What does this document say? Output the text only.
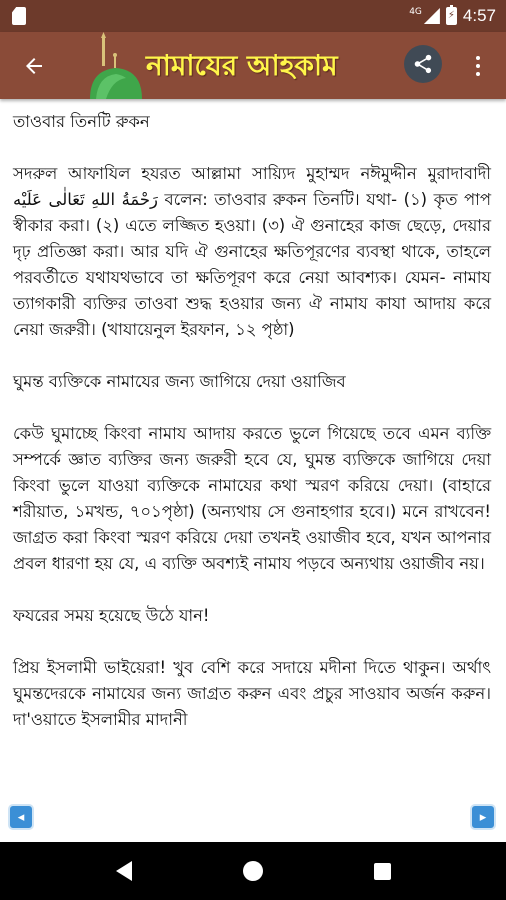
4G	⚡ 4:57
নামাযের আহকাম

তাওবার তিনটি রুকন

সদরুল আফাযিল হযরত আল্লামা সায়্যিদ মুহাম্মদ নঈমুদ্দীন মুরাদাবাদী رَحْمَةُ اللهِ تَعَالٰی عَلَيْه বলেন: তাওবার রুকন তিনটি। যথা- (১) কৃত পাপ স্বীকার করা। (২) এতে লজ্জিত হওয়া। (৩) ঐ গুনাহের কাজ ছেড়ে, দেয়ার দৃঢ় প্রতিজ্ঞা করা। আর যদি ঐ গুনাহের ক্ষতিপূরণের ব্যবস্থা থাকে, তাহলে পরবর্তীতে যথাযথভাবে তা ক্ষতিপূরণ করে নেয়া আবশ্যক। যেমন- নামায ত্যাগকারী ব্যক্তির তাওবা শুদ্ধ হওয়ার জন্য ঐ নামায কাযা আদায় করে নেয়া জরুরী। (খাযায়েনুল ইরফান, ১২ পৃষ্ঠা)

ঘুমন্ত ব্যক্তিকে নামাযের জন্য জাগিয়ে দেয়া ওয়াজিব

কেউ ঘুমাচ্ছে কিংবা নামায আদায় করতে ভুলে গিয়েছে তবে এমন ব্যক্তি সম্পর্কে জ্ঞাত ব্যক্তির জন্য জরুরী হবে যে, ঘুমন্ত ব্যক্তিকে জাগিয়ে দেয়া কিংবা ভুলে যাওয়া ব্যক্তিকে নামাযের কথা স্মরণ করিয়ে দেয়া। (বাহারে শরীয়াত, ১মখন্ড, ৭০১পৃষ্ঠা) (অন্যথায় সে গুনাহগার হবে।) মনে রাখবেন! জাগ্রত করা কিংবা স্মরণ করিয়ে দেয়া তখনই ওয়াজীব হবে, যখন আপনার প্রবল ধারণা হয় যে, এ ব্যক্তি অবশ্যই নামায পড়বে অন্যথায় ওয়াজীব নয়।

ফযরের সময় হয়েছে উঠে যান!

প্রিয় ইসলামী ভাইয়েরা! খুব বেশি করে সদায়ে মদীনা দিতে থাকুন। অর্থাৎ ঘুমন্তদেরকে নামাযের জন্য জাগ্রত করুন এবং প্রচুর সাওয়াব অর্জন করুন। দা'ওয়াতে ইসলামীর মাদানী

◂	▸
